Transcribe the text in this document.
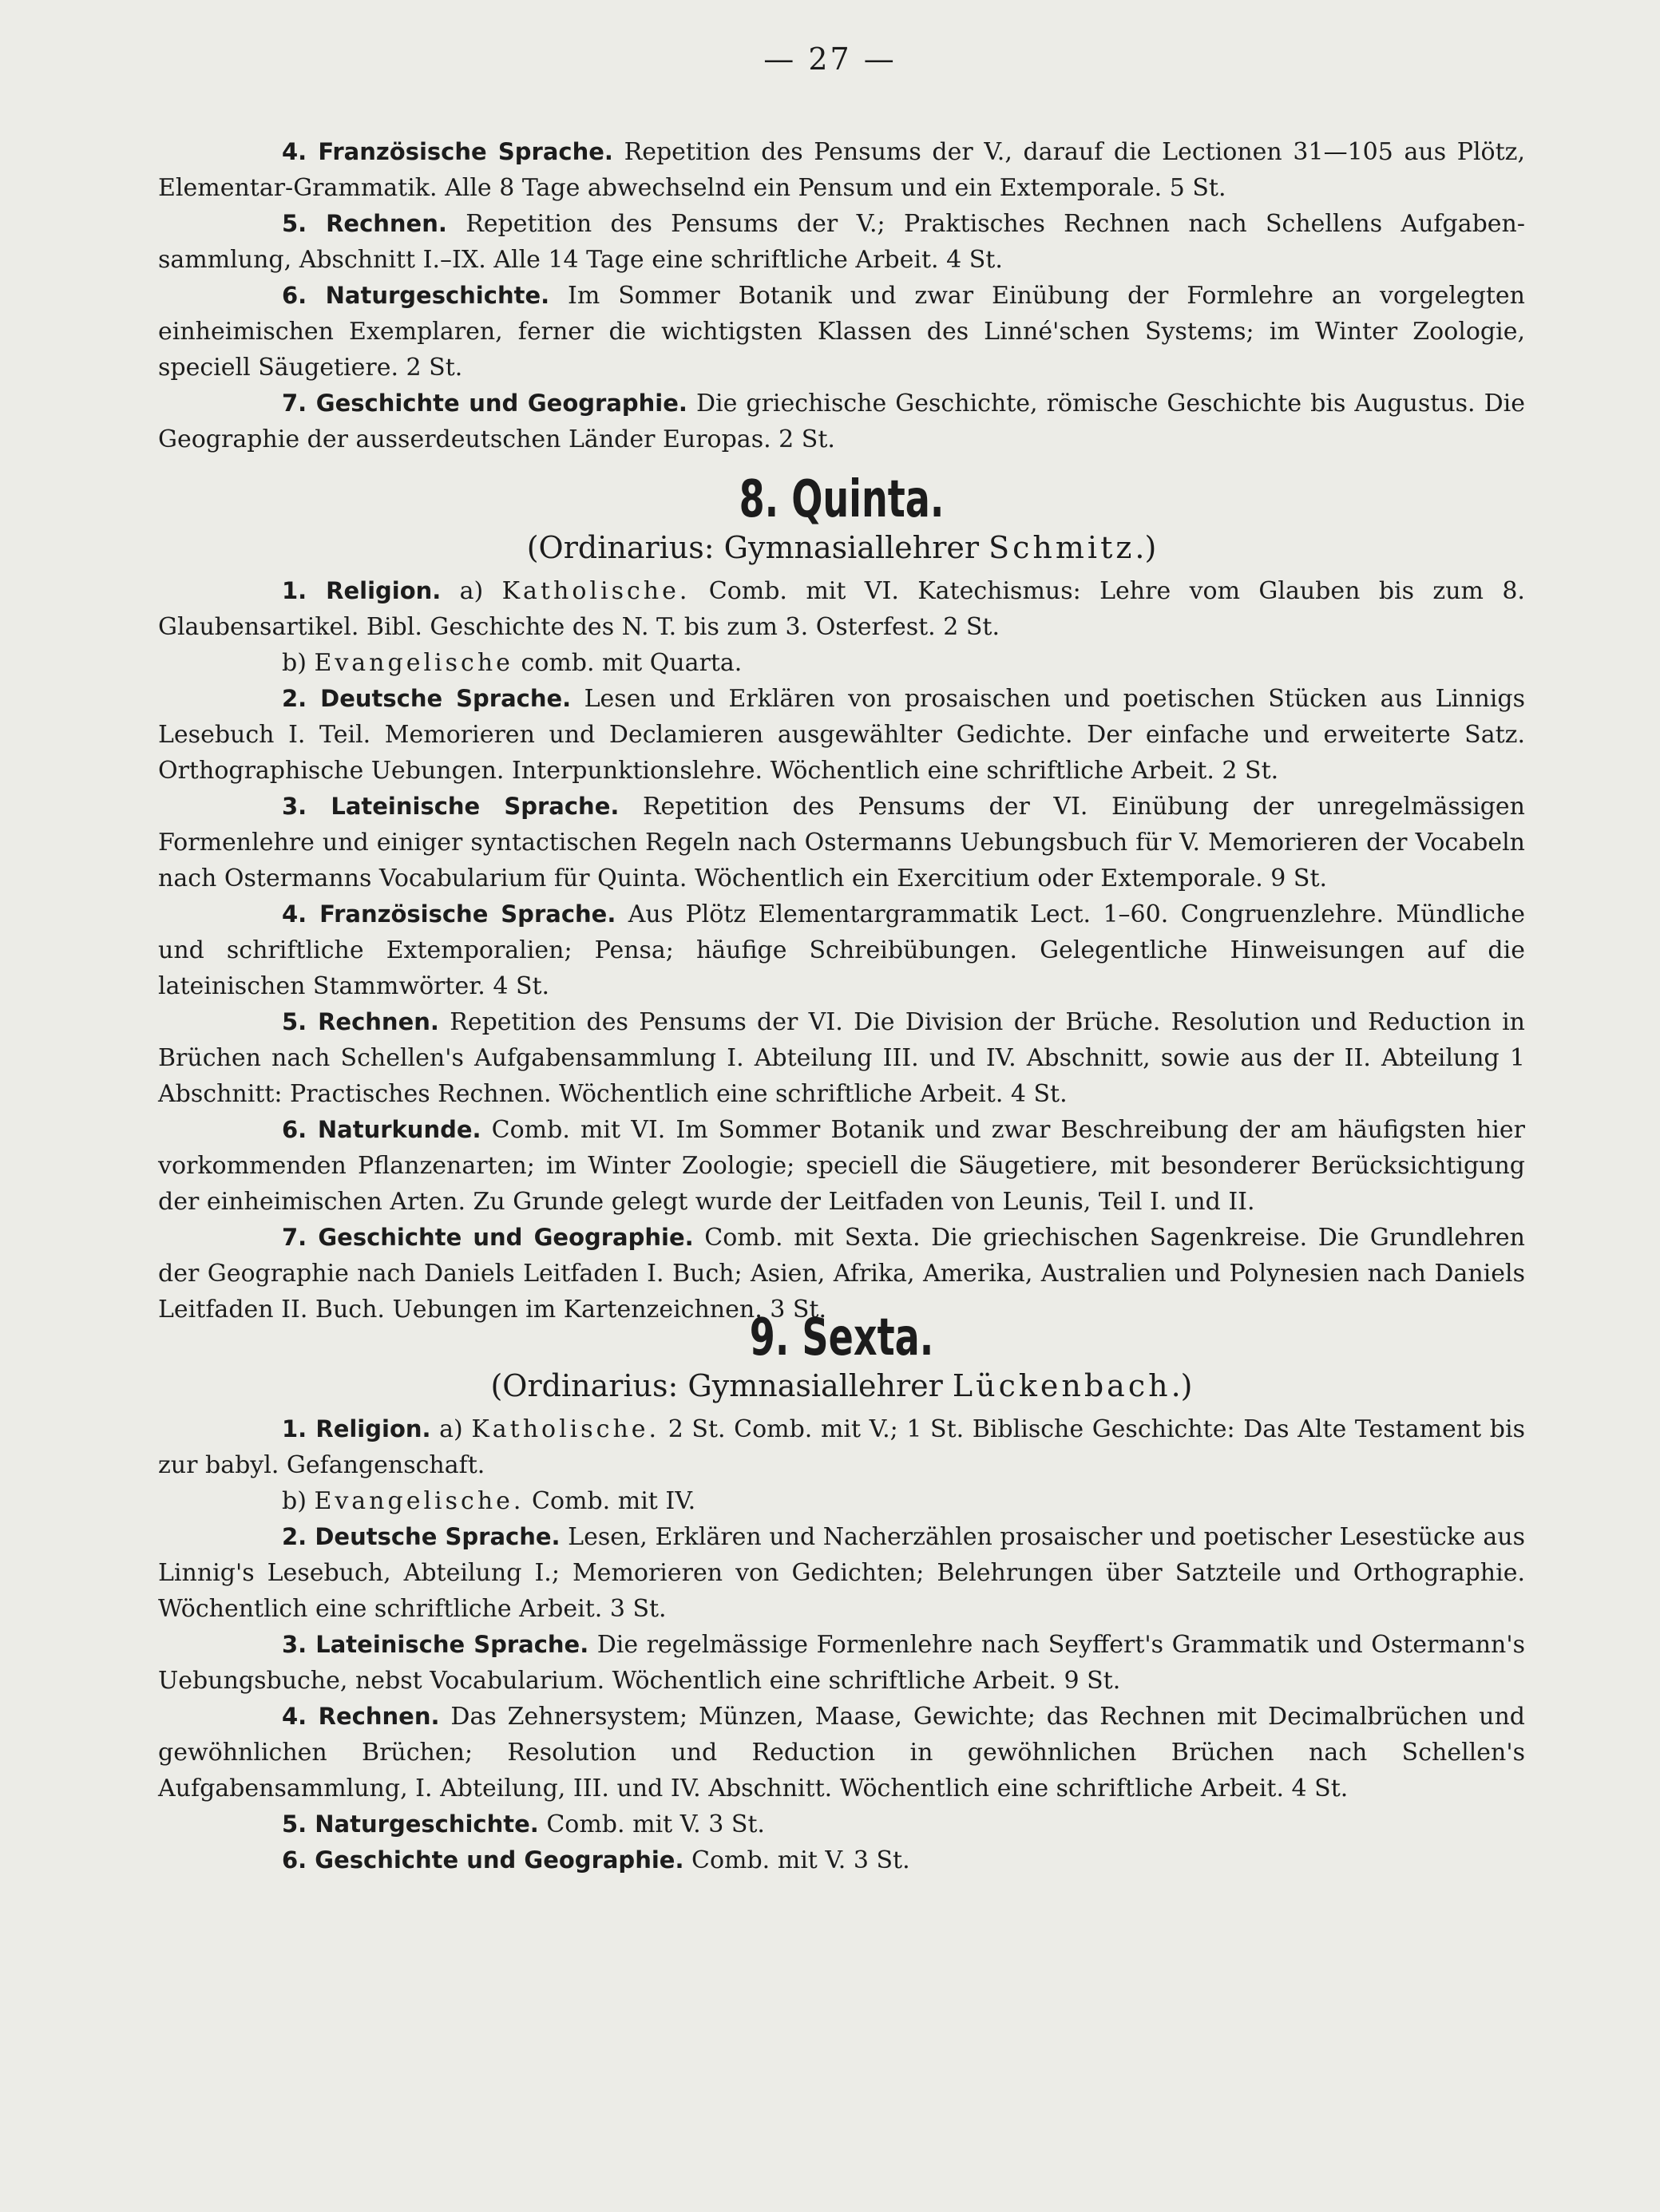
— 27 —

4. Französische Sprache. Repetition des Pensums der V., darauf die Lectionen 31—105 aus Plötz, Elementar-Grammatik. Alle 8 Tage abwechselnd ein Pensum und ein Extemporale. 5 St.

5. Rechnen. Repetition des Pensums der V.; Praktisches Rechnen nach Schellens Aufgaben-sammlung, Abschnitt I.–IX. Alle 14 Tage eine schriftliche Arbeit. 4 St.

6. Naturgeschichte. Im Sommer Botanik und zwar Einübung der Formlehre an vorgelegten einheimischen Exemplaren, ferner die wichtigsten Klassen des Linné'schen Systems; im Winter Zoologie, speciell Säugetiere. 2 St.

7. Geschichte und Geographie. Die griechische Geschichte, römische Geschichte bis Augustus. Die Geographie der ausserdeutschen Länder Europas. 2 St.

8. Quinta.

(Ordinarius: Gymnasiallehrer Schmitz.)

1. Religion. a) Katholische. Comb. mit VI. Katechismus: Lehre vom Glauben bis zum 8. Glaubensartikel. Bibl. Geschichte des N. T. bis zum 3. Osterfest. 2 St.

b) Evangelische comb. mit Quarta.

2. Deutsche Sprache. Lesen und Erklären von prosaischen und poetischen Stücken aus Linnigs Lesebuch I. Teil. Memorieren und Declamieren ausgewählter Gedichte. Der einfache und erweiterte Satz. Orthographische Uebungen. Interpunktionslehre. Wöchentlich eine schriftliche Arbeit. 2 St.

3. Lateinische Sprache. Repetition des Pensums der VI. Einübung der unregelmässigen Formenlehre und einiger syntactischen Regeln nach Ostermanns Uebungsbuch für V. Memorieren der Vocabeln nach Ostermanns Vocabularium für Quinta. Wöchentlich ein Exercitium oder Extemporale. 9 St.

4. Französische Sprache. Aus Plötz Elementargrammatik Lect. 1–60. Congruenzlehre. Mündliche und schriftliche Extemporalien; Pensa; häufige Schreibübungen. Gelegentliche Hinweisungen auf die lateinischen Stammwörter. 4 St.

5. Rechnen. Repetition des Pensums der VI. Die Division der Brüche. Resolution und Reduction in Brüchen nach Schellen's Aufgabensammlung I. Abteilung III. und IV. Abschnitt, sowie aus der II. Abteilung 1 Abschnitt: Practisches Rechnen. Wöchentlich eine schriftliche Arbeit. 4 St.

6. Naturkunde. Comb. mit VI. Im Sommer Botanik und zwar Beschreibung der am häufigsten hier vorkommenden Pflanzenarten; im Winter Zoologie; speciell die Säugetiere, mit besonderer Berücksichtigung der einheimischen Arten. Zu Grunde gelegt wurde der Leitfaden von Leunis, Teil I. und II.

7. Geschichte und Geographie. Comb. mit Sexta. Die griechischen Sagenkreise. Die Grundlehren der Geographie nach Daniels Leitfaden I. Buch; Asien, Afrika, Amerika, Australien und Polynesien nach Daniels Leitfaden II. Buch. Uebungen im Kartenzeichnen. 3 St.

9. Sexta.

(Ordinarius: Gymnasiallehrer Lückenbach.)

1. Religion. a) Katholische. 2 St. Comb. mit V.; 1 St. Biblische Geschichte: Das Alte Testament bis zur babyl. Gefangenschaft.

b) Evangelische. Comb. mit IV.

2. Deutsche Sprache. Lesen, Erklären und Nacherzählen prosaischer und poetischer Lesestücke aus Linnig's Lesebuch, Abteilung I.; Memorieren von Gedichten; Belehrungen über Satzteile und Orthographie. Wöchentlich eine schriftliche Arbeit. 3 St.

3. Lateinische Sprache. Die regelmässige Formenlehre nach Seyffert's Grammatik und Ostermann's Uebungsbuche, nebst Vocabularium. Wöchentlich eine schriftliche Arbeit. 9 St.

4. Rechnen. Das Zehnersystem; Münzen, Maase, Gewichte; das Rechnen mit Decimalbrüchen und gewöhnlichen Brüchen; Resolution und Reduction in gewöhnlichen Brüchen nach Schellen's Aufgabensammlung, I. Abteilung, III. und IV. Abschnitt. Wöchentlich eine schriftliche Arbeit. 4 St.

5. Naturgeschichte. Comb. mit V. 3 St.

6. Geschichte und Geographie. Comb. mit V. 3 St.
